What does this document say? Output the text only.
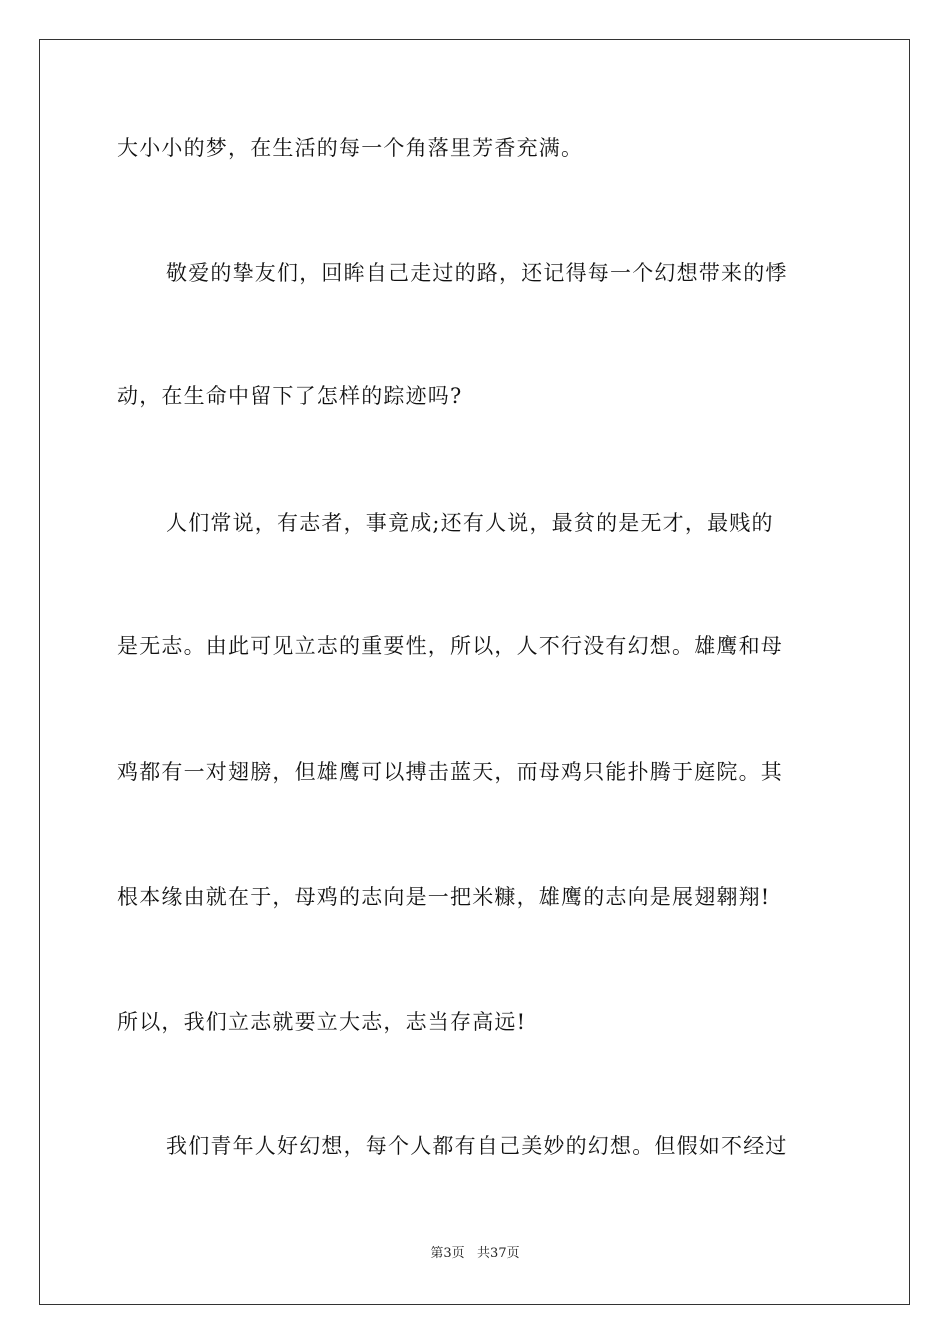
大小小的梦，在生活的每一个角落里芳香充满。
敬爱的挚友们，回眸自己走过的路，还记得每一个幻想带来的悸
动，在生命中留下了怎样的踪迹吗?
人们常说，有志者，事竟成;还有人说，最贫的是无才，最贱的
是无志。由此可见立志的重要性，所以，人不行没有幻想。雄鹰和母
鸡都有一对翅膀，但雄鹰可以搏击蓝天，而母鸡只能扑腾于庭院。其
根本缘由就在于，母鸡的志向是一把米糠，雄鹰的志向是展翅翱翔!
所以，我们立志就要立大志，志当存高远!
我们青年人好幻想，每个人都有自己美妙的幻想。但假如不经过
第3页   共37页
